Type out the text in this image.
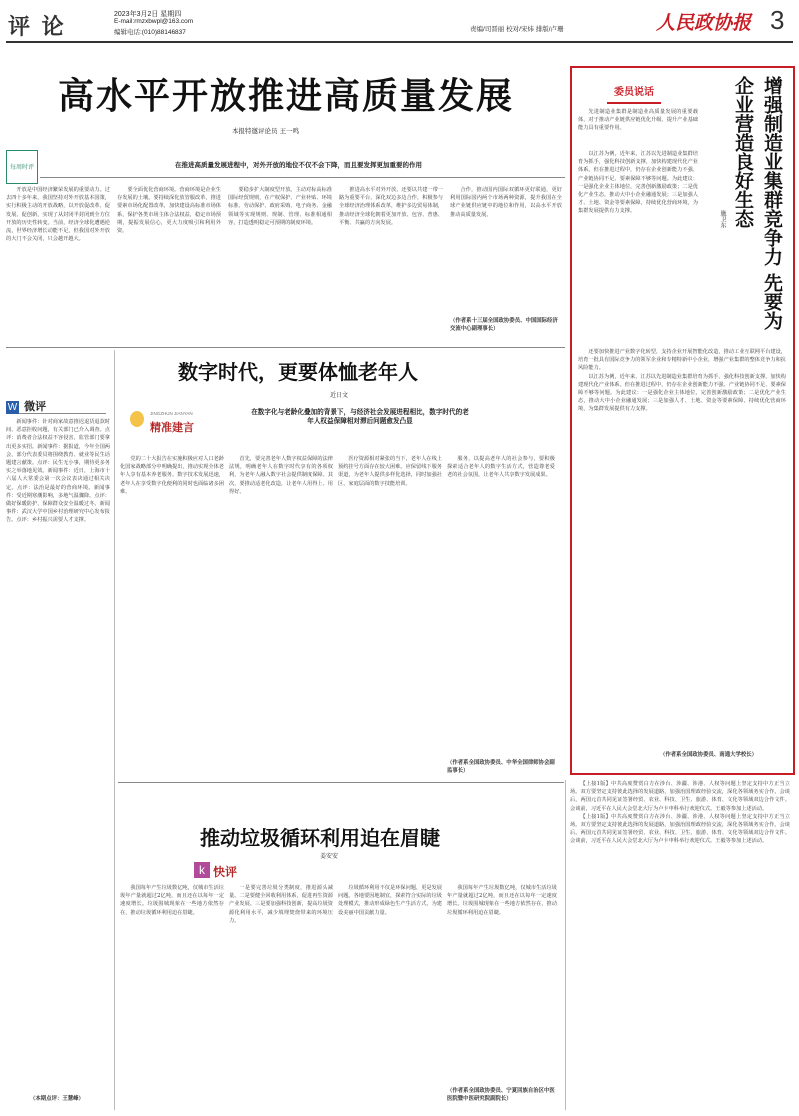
评 论
2023年3月2日 星期四
E-mail:rmzxbwpl@163.com
编辑电话:(010)88146837	责编/司晋丽 校对/宋炜 排版/卢珊	人民政协报 3
高水平开放推进高质量发展
每周时评
本报特邀评论员 王一鸣
在推进高质量发展进程中，对外开放的地位不仅不会下降，而且要发挥更加重要的作用

开放是中国经济繁荣发展的重要动力。过去四十多年来，我国坚持对外开放基本国策，实行积极主动的开放战略，以开放促改革、促发展、促创新，实现了从封闭半封闭到全方位开放的历史性转变。当前，经济全球化遭遇逆流，世界经济增长动能不足，但我国对外开放的大门不会关闭，只会越开越大。

要全面优化营商环境。营商环境是企业生存发展的土壤。要持续深化放管服改革，推进要素市场化配置改革，加快建设高标准市场体系，保护各类市场主体合法权益，稳定市场预期，提振发展信心，更大力度吸引和利用外资。

要稳步扩大制度型开放。主动对标高标准国际经贸规则，在产权保护、产业补贴、环境标准、劳动保护、政府采购、电子商务、金融领域等实现规则、规制、管理、标准相通相容，打造透明稳定可预期的制度环境。

推进高水平对外开放，还要以共建一带一路为重要平台，深化双边多边合作，积极参与全球经济治理体系改革，维护多边贸易体制，推动经济全球化朝着更加开放、包容、普惠、平衡、共赢的方向发展。

合作，推动国内国际双循环更好联通，更好利用国际国内两个市场两种资源，提升我国在全球产业链供应链中的地位和作用，以高水平开放推动高质量发展。

（作者系十三届全国政协委员、中国国际经济交流中心副理事长）
W 微评

新闻事件：针对商家故意推迟退货退款时间、恶意拒收问题，有关部门已介入调查。点评：消费者合法权益不容侵害，监管部门要拿出更多实招。新闻事件：据报道，今年全国两会，部分代表委员将围绕教育、就业等民生话题建言献策。点评：民生无小事，期待更多务实之举落地见效。新闻事件：近日，上海市十六届人大常委会第一次会议表决通过相关决定。点评：法治是最好的营商环境。新闻事件：受近期寒潮影响，多地气温骤降。点评：做好保暖防护，保障群众安全温暖过冬。新闻事件：武汉大学中国乡村治理研究中心发布报告。点评：乡村振兴需要人才支撑。

（本期点评：王慧峰）
数字时代，更要体恤老年人
近日文
JINGZHUN JIANYAN
精准建言
在数字化与老龄化叠加的背景下，与经济社会发展进程相比，数字时代的老年人权益保障相对滞后问题愈发凸显

党的二十大报告在实施积极应对人口老龄化国家战略部分中明确提出，推动实现全体老年人享有基本养老服务。数字技术发展迅速，老年人在享受数字化便利的同时也面临诸多困难。

首先，要完善老年人数字权益保障的法律法规，明确老年人在数字时代享有的各项权利，为老年人融入数字社会提供制度保障。其次，要推动适老化改造，让老年人用得上、用得好。

医疗资源相对紧张的当下，老年人在线上预约挂号方面存在较大困难。应保留线下服务渠道，为老年人提供多样化选择，同时加强社区、家庭层面的数字技能培训。

服务，以提高老年人的社会参与，要积极探索适合老年人的数字生活方式，营造尊老爱老的社会氛围，让老年人共享数字发展成果。

（作者系全国政协委员、中华全国律师协会副监事长）
推动垃圾循环利用迫在眉睫
姜安安
k 快评

我国每年产生垃圾数亿吨，仅城市生活垃圾年产量就超过2亿吨，而且还在以每年一定速度增长。垃圾围城现象在一些地方依然存在，推动垃圾循环利用迫在眉睫。

一是要完善垃圾分类制度，推进源头减量。二是要健全回收利用体系，促进再生资源产业发展。三是要加强科技创新，提高垃圾资源化利用水平，减少填埋焚烧带来的环境压力。

垃圾循环利用不仅是环保问题，更是发展问题。各地要因地制宜，探索符合实际的垃圾处理模式，推动形成绿色生产生活方式，为建设美丽中国贡献力量。

我国每年产生垃圾数亿吨，仅城市生活垃圾年产量就超过2亿吨，而且还在以每年一定速度增长。垃圾围城现象在一些地方依然存在，推动垃圾循环利用迫在眉睫。

（作者系全国政协委员、宁夏回族自治区中医医院暨中医研究院副院长）
委员说话	增强制造业集群竞争力 先要为企业营造良好生态
施卫东

先进制造业集群是制造业高质量发展的重要载体，对于推动产业链供应链优化升级、提升产业基础能力具有重要作用。

以江苏为例，近年来，江苏以先进制造业集群培育为抓手，强化科技创新支撑，加快构建现代化产业体系。但在推进过程中，仍存在企业创新能力不强、产业链协同不足、要素保障不够等问题。为此建议：一是强化企业主体地位，完善创新激励政策；二是优化产业生态，推动大中小企业融通发展；三是加强人才、土地、资金等要素保障，持续优化营商环境，为集群发展提供有力支撑。

还要加快推进产业数字化转型，支持企业开展智能化改造，推动工业互联网平台建设，培育一批具有国际竞争力的领军企业和专精特新中小企业，增强产业集群的整体竞争力和抗风险能力。

以江苏为例，近年来，江苏以先进制造业集群培育为抓手，强化科技创新支撑，加快构建现代化产业体系。但在推进过程中，仍存在企业创新能力不强、产业链协同不足、要素保障不够等问题。为此建议：一是强化企业主体地位，完善创新激励政策；二是优化产业生态，推动大中小企业融通发展；三是加强人才、土地、资金等要素保障，持续优化营商环境，为集群发展提供有力支撑。

（作者系全国政协委员、南通大学校长）

【上接1版】中共高度赞赏白方在涉台、涉疆、涉港、人权等问题上坚定支持中方正当立场。双方要坚定支持彼此选择的发展道路，加强治国理政经验交流，深化各领域务实合作。会谈后，两国元首共同见证签署经贸、农业、科技、卫生、旅游、体育、文化等领域双边合作文件。会谈前，习近平在人民大会堂北大厅为卢卡申科举行欢迎仪式。王毅等参加上述活动。

【上接1版】中共高度赞赏白方在涉台、涉疆、涉港、人权等问题上坚定支持中方正当立场。双方要坚定支持彼此选择的发展道路，加强治国理政经验交流，深化各领域务实合作。会谈后，两国元首共同见证签署经贸、农业、科技、卫生、旅游、体育、文化等领域双边合作文件。会谈前，习近平在人民大会堂北大厅为卢卡申科举行欢迎仪式。王毅等参加上述活动。
